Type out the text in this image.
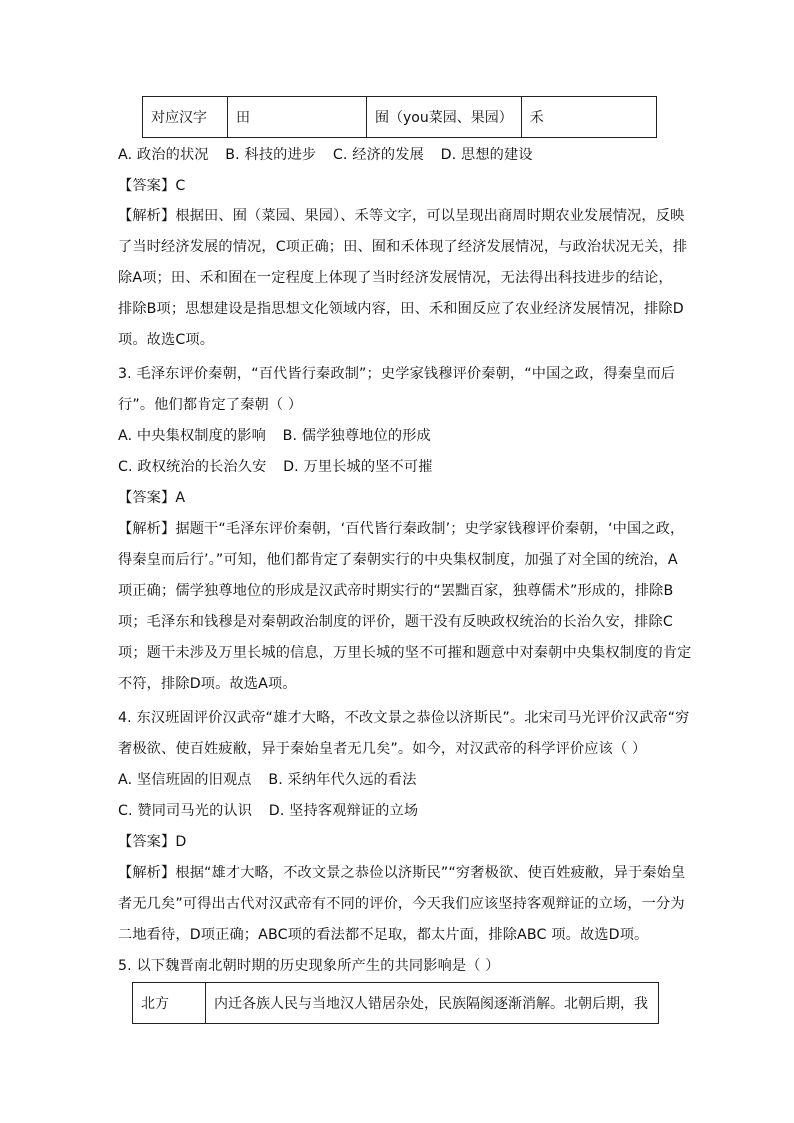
对应汉字	田	囿（you菜园、果园）	禾
A. 政治的状况 B. 科技的进步 C. 经济的发展 D. 思想的建设
【答案】C
【解析】根据田、囿（菜园、果园）、禾等文字，可以呈现出商周时期农业发展情况，反映
了当时经济发展的情况，C项正确；田、囿和禾体现了经济发展情况，与政治状况无关，排
除A项；田、禾和囿在一定程度上体现了当时经济发展情况，无法得出科技进步的结论，
排除B项；思想建设是指思想文化领域内容，田、禾和囿反应了农业经济发展情况，排除D
项。故选C项。
3. 毛泽东评价秦朝，“百代皆行秦政制”；史学家钱穆评价秦朝，“中国之政，得秦皇而后
行”。他们都肯定了秦朝（ ）
A. 中央集权制度的影响 B. 儒学独尊地位的形成
C. 政权统治的长治久安 D. 万里长城的坚不可摧
【答案】A
【解析】据题干“毛泽东评价秦朝，‘百代皆行秦政制’；史学家钱穆评价秦朝，‘中国之政，
得秦皇而后行’。”可知，他们都肯定了秦朝实行的中央集权制度，加强了对全国的统治，A
项正确；儒学独尊地位的形成是汉武帝时期实行的“罢黜百家，独尊儒术”形成的，排除B
项；毛泽东和钱穆是对秦朝政治制度的评价，题干没有反映政权统治的长治久安，排除C
项；题干未涉及万里长城的信息，万里长城的坚不可摧和题意中对秦朝中央集权制度的肯定
不符，排除D项。故选A项。
4. 东汉班固评价汉武帝“雄才大略，不改文景之恭俭以济斯民”。北宋司马光评价汉武帝“穷
奢极欲、使百姓疲敝，异于秦始皇者无几矣”。如今，对汉武帝的科学评价应该（ ）
A. 坚信班固的旧观点 B. 采纳年代久远的看法
C. 赞同司马光的认识 D. 坚持客观辩证的立场
【答案】D
【解析】根据“雄才大略，不改文景之恭俭以济斯民”“穷奢极欲、使百姓疲敝，异于秦始皇
者无几矣”可得出古代对汉武帝有不同的评价，今天我们应该坚持客观辩证的立场，一分为
二地看待，D项正确；ABC项的看法都不足取，都太片面，排除ABC 项。故选D项。
5. 以下魏晋南北朝时期的历史现象所产生的共同影响是（ ）
北方	内迁各族人民与当地汉人错居杂处，民族隔阂逐渐消解。北朝后期，我
